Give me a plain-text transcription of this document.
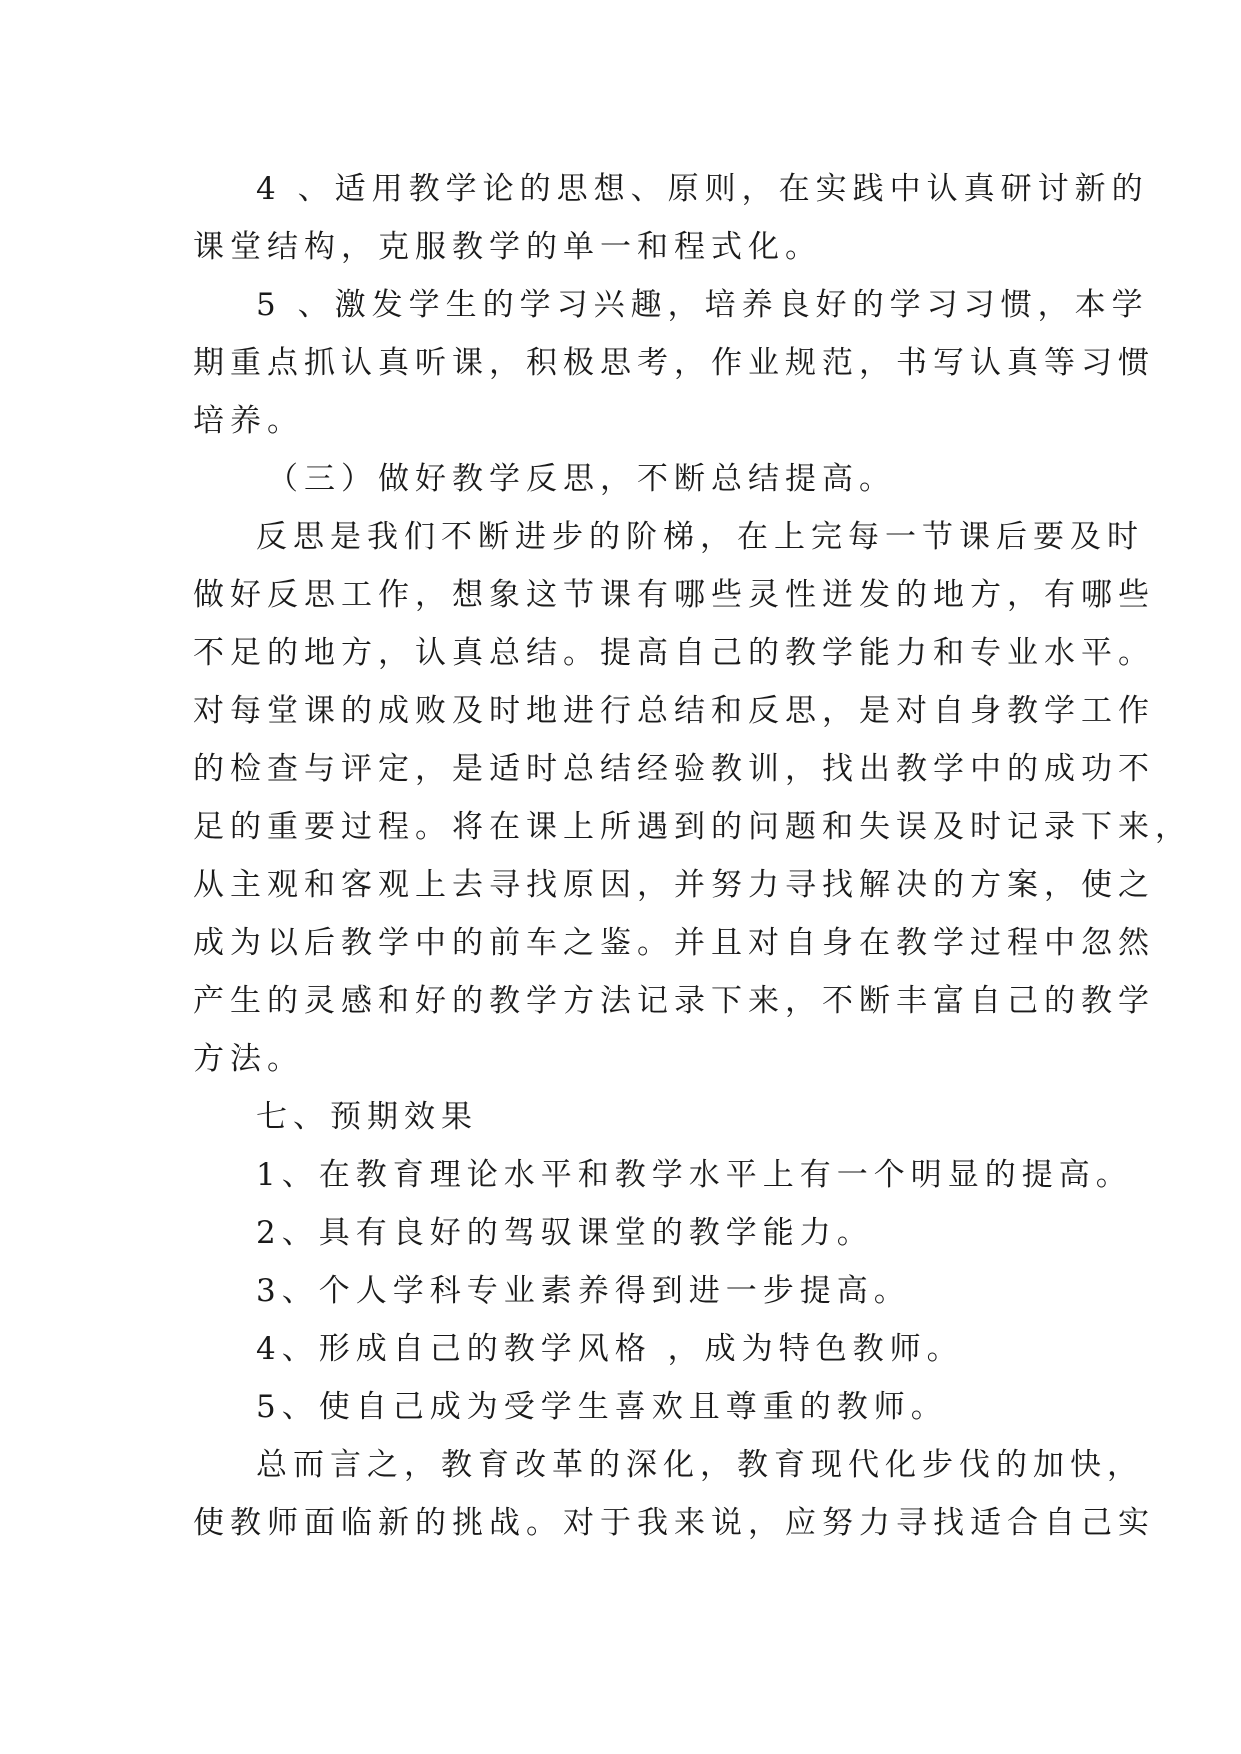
4 、适用教学论的思想、原则，在实践中认真研讨新的
课堂结构，克服教学的单一和程式化。
5 、激发学生的学习兴趣，培养良好的学习习惯，本学
期重点抓认真听课，积极思考，作业规范，书写认真等习惯
培养。
（三）做好教学反思，不断总结提高。
反思是我们不断进步的阶梯，在上完每一节课后要及时
做好反思工作，想象这节课有哪些灵性迸发的地方，有哪些
不足的地方，认真总结。提高自己的教学能力和专业水平。
对每堂课的成败及时地进行总结和反思，是对自身教学工作
的检查与评定，是适时总结经验教训，找出教学中的成功不
足的重要过程。将在课上所遇到的问题和失误及时记录下来，
从主观和客观上去寻找原因，并努力寻找解决的方案，使之
成为以后教学中的前车之鉴。并且对自身在教学过程中忽然
产生的灵感和好的教学方法记录下来，不断丰富自己的教学
方法。
七、预期效果
1、在教育理论水平和教学水平上有一个明显的提高。
2、具有良好的驾驭课堂的教学能力。
3、个人学科专业素养得到进一步提高。
4、形成自己的教学风格 ，成为特色教师。
5、使自己成为受学生喜欢且尊重的教师。
总而言之，教育改革的深化，教育现代化步伐的加快，
使教师面临新的挑战。对于我来说，应努力寻找适合自己实
